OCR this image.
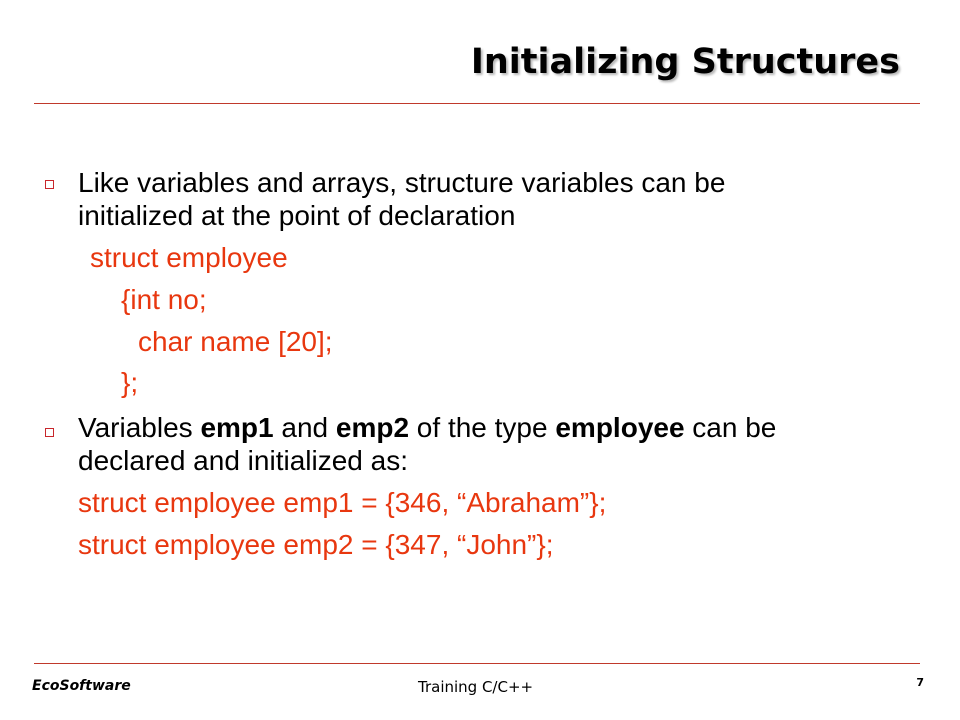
Initializing Structures
Like variables and arrays, structure variables can be
initialized at the point of declaration
struct employee
{int no;
char name [20];
};
Variables emp1 and emp2 of the type employee can be
declared and initialized as:
struct employee emp1 = {346, “Abraham”};
struct employee emp2 = {347, “John”};
EcoSoftware	Training C/C++	7
